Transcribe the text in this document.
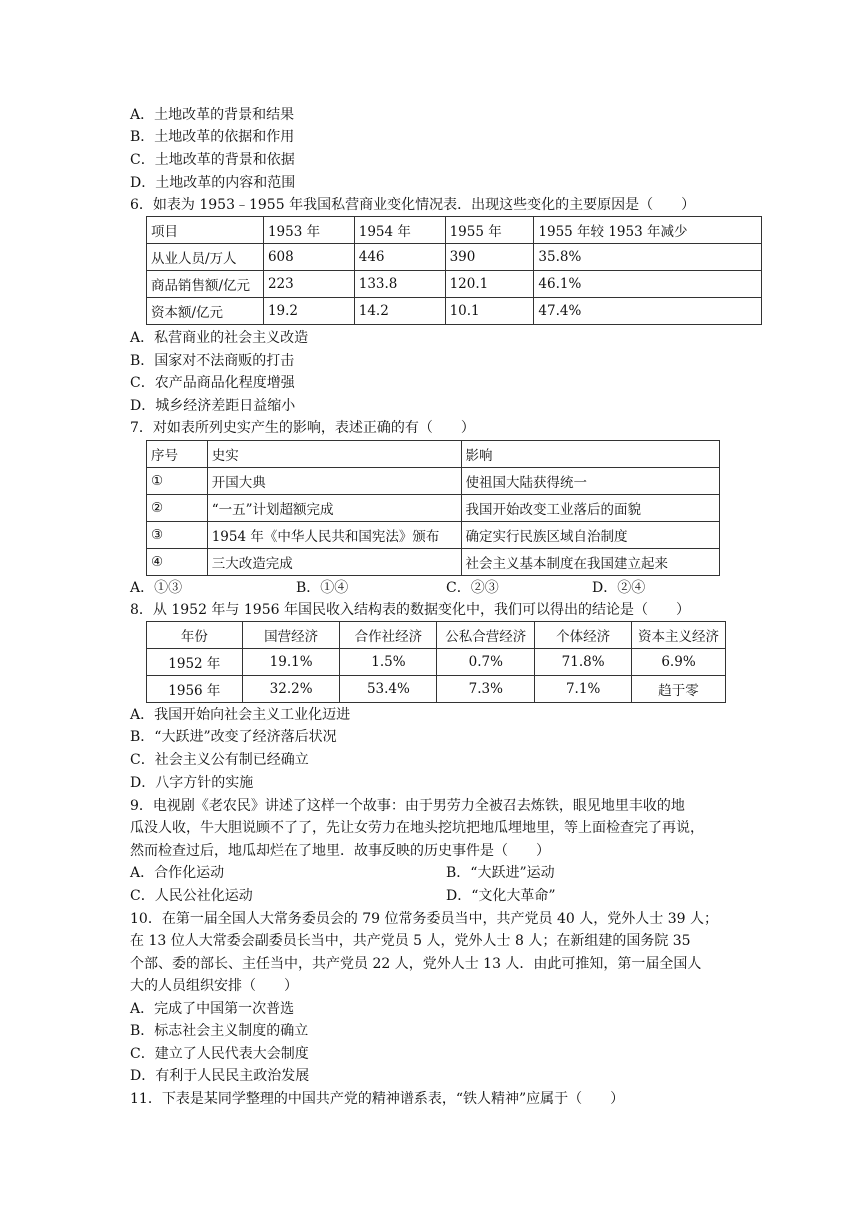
A．土地改革的背景和结果
B．土地改革的依据和作用
C．土地改革的背景和依据
D．土地改革的内容和范围
6．如表为 1953﹣1955 年我国私营商业变化情况表．出现这些变化的主要原因是（　　）
项目	1953 年	1954 年	1955 年	1955 年较 1953 年减少
从业人员/万人	608	446	390	35.8%
商品销售额/亿元	223	133.8	120.1	46.1%
资本额/亿元	19.2	14.2	10.1	47.4%
A．私营商业的社会主义改造
B．国家对不法商贩的打击
C．农产品商品化程度增强
D．城乡经济差距日益缩小
7．对如表所列史实产生的影响，表述正确的有（　　）
序号	史实	影响
①	开国大典	使祖国大陆获得统一
②	“一五”计划超额完成	我国开始改变工业落后的面貌
③	1954 年《中华人民共和国宪法》颁布	确定实行民族区域自治制度
④	三大改造完成	社会主义基本制度在我国建立起来
A．①③	B．①④	C．②③	D．②④
8．从 1952 年与 1956 年国民收入结构表的数据变化中，我们可以得出的结论是（　　）
年份	国营经济	合作社经济	公私合营经济	个体经济	资本主义经济
1952 年	19.1%	1.5%	0.7%	71.8%	6.9%
1956 年	32.2%	53.4%	7.3%	7.1%	趋于零
A．我国开始向社会主义工业化迈进
B．“大跃进”改变了经济落后状况
C．社会主义公有制已经确立
D．八字方针的实施
9．电视剧《老农民》讲述了这样一个故事：由于男劳力全被召去炼铁，眼见地里丰收的地
瓜没人收，牛大胆说顾不了了，先让女劳力在地头挖坑把地瓜埋地里，等上面检查完了再说，
然而检查过后，地瓜却烂在了地里．故事反映的历史事件是（　　）
A．合作化运动	B．“大跃进”运动
C．人民公社化运动	D．“文化大革命”
10．在第一届全国人大常务委员会的 79 位常务委员当中，共产党员 40 人，党外人士 39 人；
在 13 位人大常委会副委员长当中，共产党员 5 人，党外人士 8 人；在新组建的国务院 35
个部、委的部长、主任当中，共产党员 22 人，党外人士 13 人．由此可推知，第一届全国人
大的人员组织安排（　　）
A．完成了中国第一次普选
B．标志社会主义制度的确立
C．建立了人民代表大会制度
D．有利于人民民主政治发展
11．下表是某同学整理的中国共产党的精神谱系表，“铁人精神”应属于（　　）
